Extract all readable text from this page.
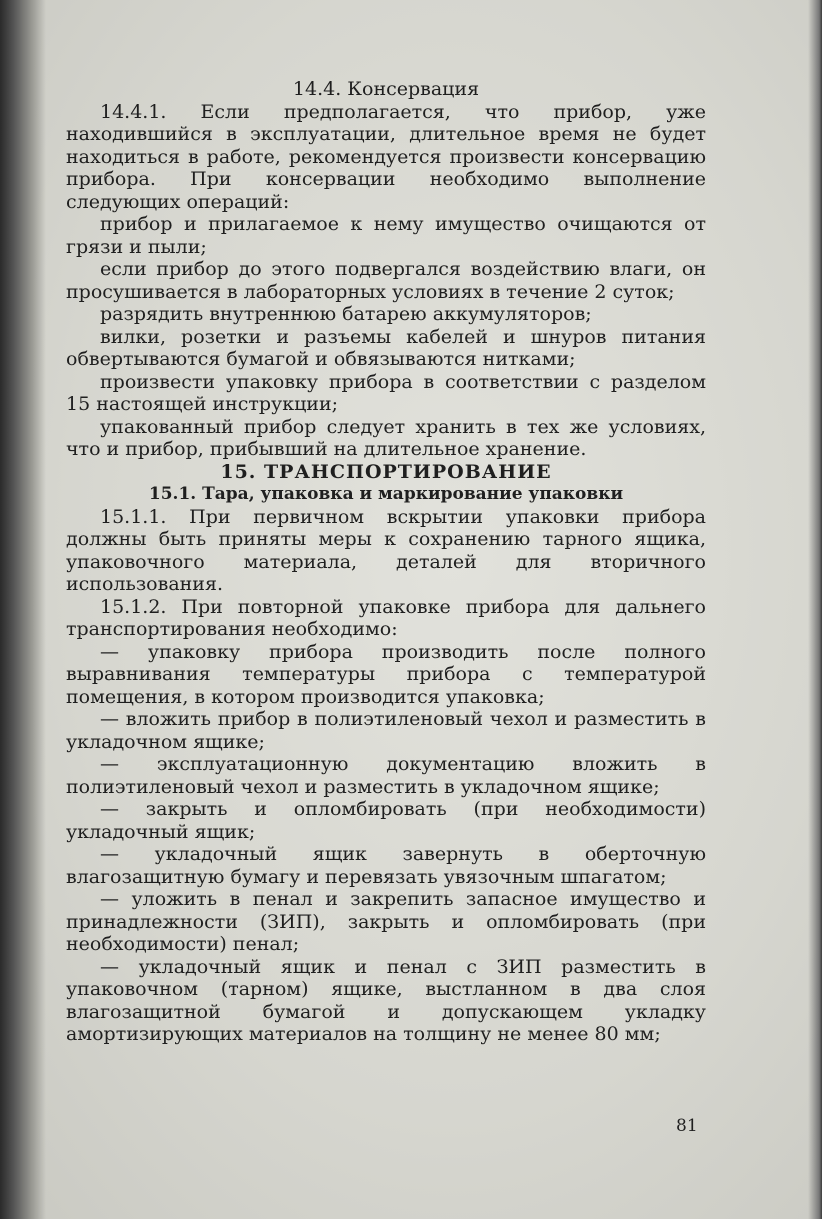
14.4. Консервация

14.4.1. Если предполагается, что прибор, уже находившийся в эксплуатации, длительное время не будет находиться в работе, рекомендуется произвести консервацию прибора. При консервации необходимо выполнение следующих операций:

прибор и прилагаемое к нему имущество очищаются от грязи и пыли;

если прибор до этого подвергался воздействию влаги, он просушивается в лабораторных условиях в течение 2 суток;

разрядить внутреннюю батарею аккумуляторов;

вилки, розетки и разъемы кабелей и шнуров питания обвертываются бумагой и обвязываются нитками;

произвести упаковку прибора в соответствии с разделом 15 настоящей инструкции;

упакованный прибор следует хранить в тех же условиях, что и прибор, прибывший на длительное хранение.

15. ТРАНСПОРТИРОВАНИЕ

15.1. Тара, упаковка и маркирование упаковки

15.1.1. При первичном вскрытии упаковки прибора должны быть приняты меры к сохранению тарного ящика, упаковочного материала, деталей для вторичного использования.

15.1.2. При повторной упаковке прибора для дальнего транспортирования необходимо:

— упаковку прибора производить после полного выравнивания температуры прибора с температурой помещения, в котором производится упаковка;

— вложить прибор в полиэтиленовый чехол и разместить в укладочном ящике;

— эксплуатационную документацию вложить в полиэтиленовый чехол и разместить в укладочном ящике;

— закрыть и опломбировать (при необходимости) укладочный ящик;

— укладочный ящик завернуть в оберточную влагозащитную бумагу и перевязать увязочным шпагатом;

— уложить в пенал и закрепить запасное имущество и принадлежности (ЗИП), закрыть и опломбировать (при необходимости) пенал;

— укладочный ящик и пенал с ЗИП разместить в упаковочном (тарном) ящике, выстланном в два слоя влагозащитной бумагой и допускающем укладку амортизирующих материалов на толщину не менее 80 мм;

81
